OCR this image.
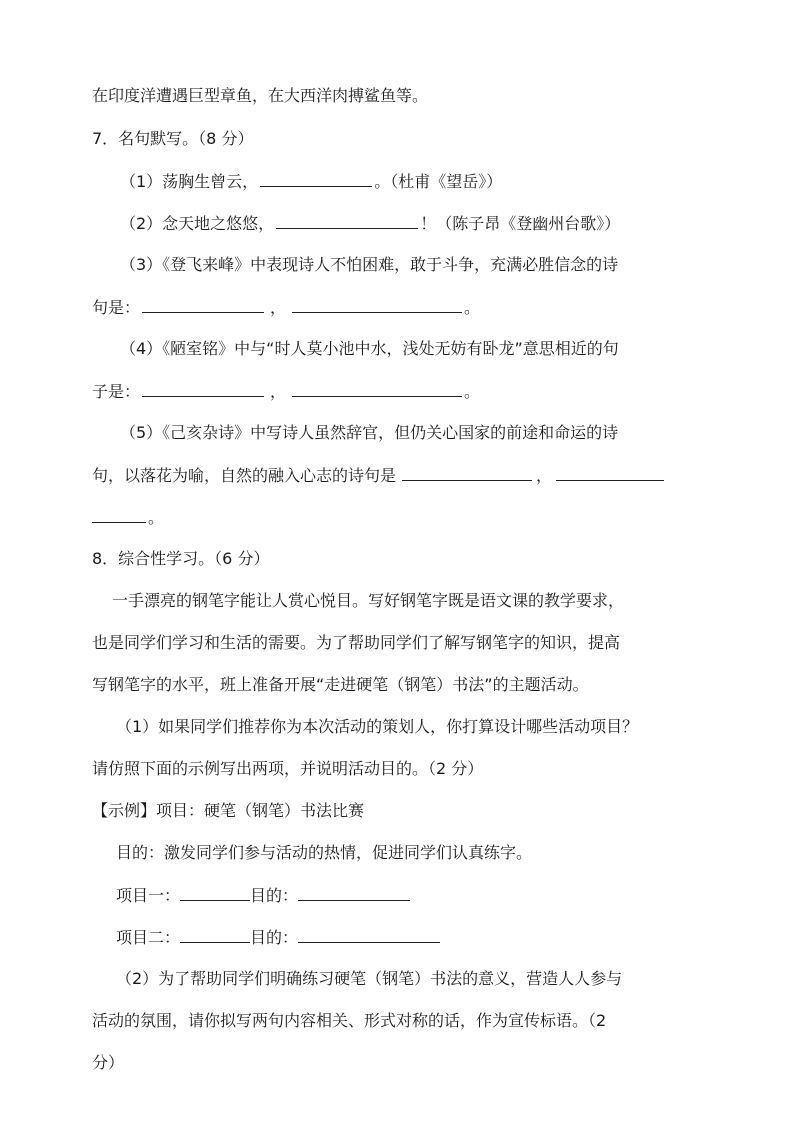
在印度洋遭遇巨型章鱼，在大西洋肉搏鲨鱼等。
7．名句默写。（8 分）
（1）荡胸生曾云，	。（杜甫《望岳》）
（2）念天地之悠悠，	！（陈子昂《登幽州台歌》）
（3）《登飞来峰》中表现诗人不怕困难，敢于斗争，充满必胜信念的诗
句是：	，	。
（4）《陋室铭》中与“时人莫小池中水，浅处无妨有卧龙”意思相近的句
子是：	，	。
（5）《己亥杂诗》中写诗人虽然辞官，但仍关心国家的前途和命运的诗
句，以落花为喻，自然的融入心志的诗句是	，
。
8．综合性学习。（6 分）
一手漂亮的钢笔字能让人赏心悦目。写好钢笔字既是语文课的教学要求，
也是同学们学习和生活的需要。为了帮助同学们了解写钢笔字的知识，提高
写钢笔字的水平，班上准备开展“走进硬笔（钢笔）书法”的主题活动。
（1）如果同学们推荐你为本次活动的策划人，你打算设计哪些活动项目？
请仿照下面的示例写出两项，并说明活动目的。（2 分）
【示例】项目：硬笔（钢笔）书法比赛
目的：激发同学们参与活动的热情，促进同学们认真练字。
项目一：	目的：
项目二：	目的：
（2）为了帮助同学们明确练习硬笔（钢笔）书法的意义，营造人人参与
活动的氛围，请你拟写两句内容相关、形式对称的话，作为宣传标语。（2
分）
